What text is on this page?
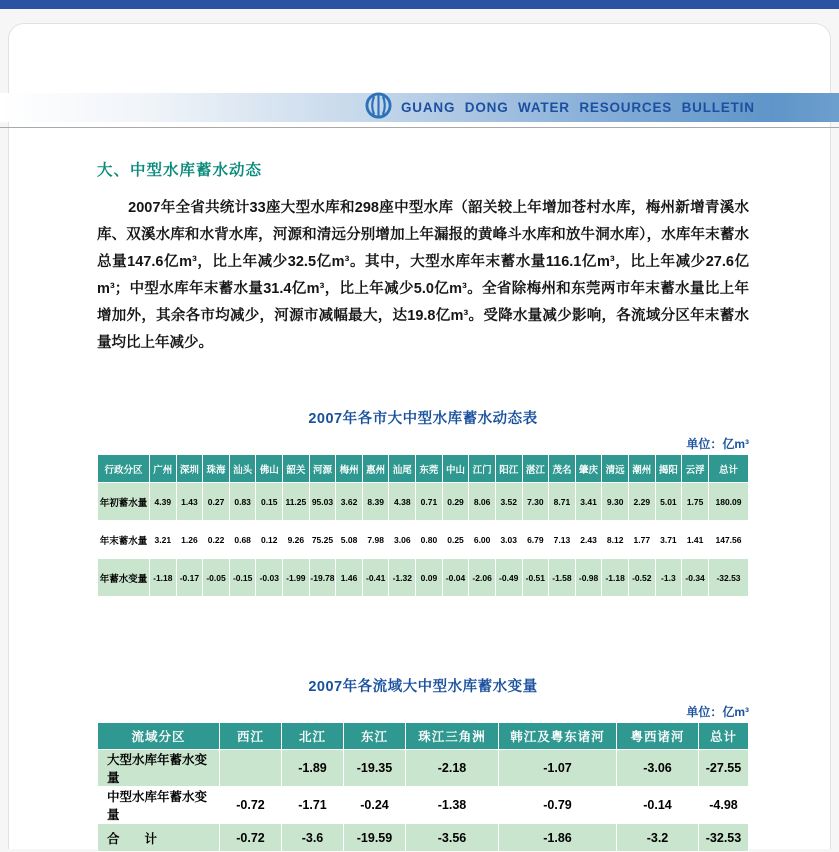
GUANG DONG WATER RESOURCES BULLETIN
大、中型水库蓄水动态

2007年全省共统计33座大型水库和298座中型水库（韶关较上年增加苍村水库，梅州新增青溪水库、双溪水库和水背水库，河源和清远分别增加上年漏报的黄峰斗水库和放牛洞水库），水库年末蓄水总量147.6亿m³，比上年减少32.5亿m³。其中，大型水库年末蓄水量116.1亿m³，比上年减少27.6亿m³；中型水库年末蓄水量31.4亿m³，比上年减少5.0亿m³。全省除梅州和东莞两市年末蓄水量比上年增加外，其余各市均减少，河源市减幅最大，达19.8亿m³。受降水量减少影响，各流域分区年末蓄水量均比上年减少。

2007年各市大中型水库蓄水动态表
单位：亿m³
行政分区	广州	深圳	珠海	汕头	佛山	韶关	河源	梅州	惠州	汕尾	东莞	中山	江门	阳江	湛江	茂名	肇庆	清远	潮州	揭阳	云浮	总计
年初蓄水量	4.39	1.43	0.27	0.83	0.15	11.25	95.03	3.62	8.39	4.38	0.71	0.29	8.06	3.52	7.30	8.71	3.41	9.30	2.29	5.01	1.75	180.09
年末蓄水量	3.21	1.26	0.22	0.68	0.12	9.26	75.25	5.08	7.98	3.06	0.80	0.25	6.00	3.03	6.79	7.13	2.43	8.12	1.77	3.71	1.41	147.56
年蓄水变量	-1.18	-0.17	-0.05	-0.15	-0.03	-1.99	-19.78	1.46	-0.41	-1.32	0.09	-0.04	-2.06	-0.49	-0.51	-1.58	-0.98	-1.18	-0.52	-1.3	-0.34	-32.53
2007年各流域大中型水库蓄水变量
单位：亿m³
流域分区	西江	北江	东江	珠江三角洲	韩江及粤东诸河	粤西诸河	总计
大型水库年蓄水变量		-1.89	-19.35	-2.18	-1.07	-3.06	-27.55
中型水库年蓄水变量	-0.72	-1.71	-0.24	-1.38	-0.79	-0.14	-4.98
合　　计	-0.72	-3.6	-19.59	-3.56	-1.86	-3.2	-32.53
